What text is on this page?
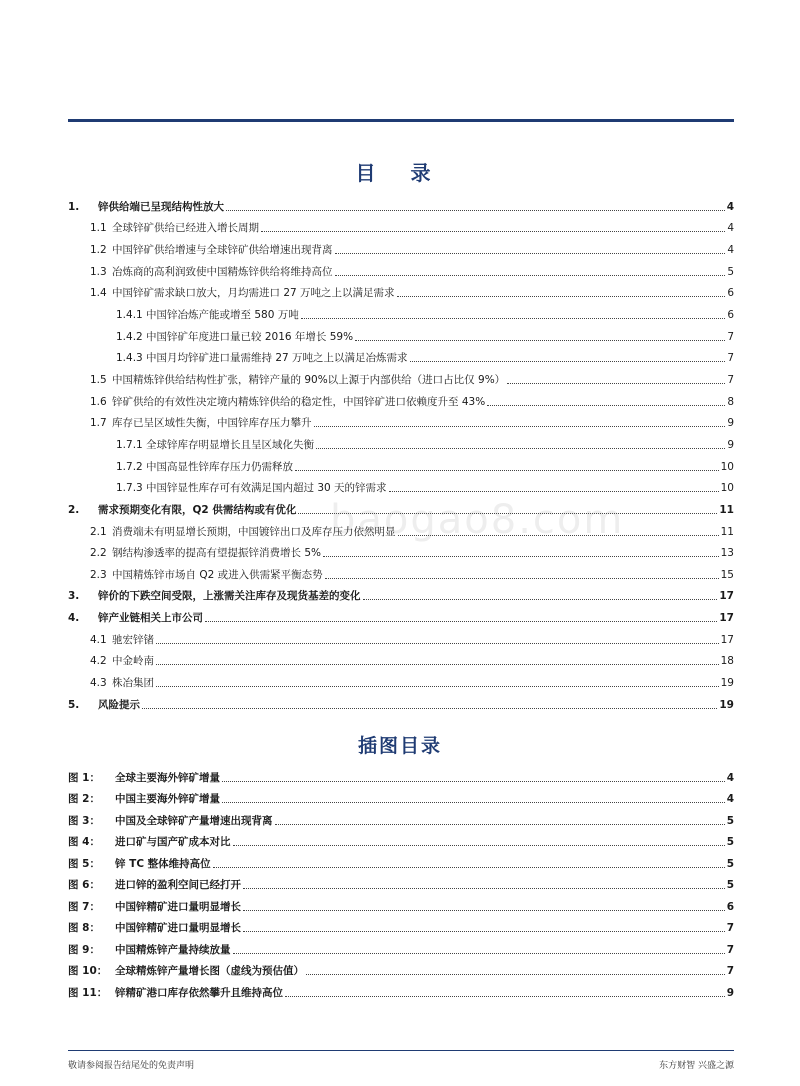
目 录
1. 锌供给端已呈现结构性放大	4
1.1 全球锌矿供给已经进入增长周期	4
1.2 中国锌矿供给增速与全球锌矿供给增速出现背离	4
1.3 冶炼商的高利润致使中国精炼锌供给将维持高位	5
1.4 中国锌矿需求缺口放大，月均需进口 27 万吨之上以满足需求	6
1.4.1 中国锌冶炼产能或增至 580 万吨	6
1.4.2 中国锌矿年度进口量已较 2016 年增长 59%	7
1.4.3 中国月均锌矿进口量需维持 27 万吨之上以满足冶炼需求	7
1.5 中国精炼锌供给结构性扩张，精锌产量的 90%以上源于内部供给（进口占比仅 9%）	7
1.6 锌矿供给的有效性决定境内精炼锌供给的稳定性，中国锌矿进口依赖度升至 43%	8
1.7 库存已呈区域性失衡，中国锌库存压力攀升	9
1.7.1 全球锌库存明显增长且呈区域化失衡	9
1.7.2 中国高显性锌库存压力仍需释放	10
1.7.3 中国锌显性库存可有效满足国内超过 30 天的锌需求	10
2. 需求预期变化有限，Q2 供需结构或有优化	11
2.1 消费端未有明显增长预期，中国镀锌出口及库存压力依然明显	11
2.2 钢结构渗透率的提高有望提振锌消费增长 5%	13
2.3 中国精炼锌市场自 Q2 或进入供需紧平衡态势	15
3. 锌价的下跌空间受限，上涨需关注库存及现货基差的变化	17
4. 锌产业链相关上市公司	17
4.1 驰宏锌锗	17
4.2 中金岭南	18
4.3 株冶集团	19
5. 风险提示	19
插图目录
图 1： 全球主要海外锌矿增量	4
图 2： 中国主要海外锌矿增量	4
图 3： 中国及全球锌矿产量增速出现背离	5
图 4： 进口矿与国产矿成本对比	5
图 5： 锌 TC 整体维持高位	5
图 6： 进口锌的盈利空间已经打开	5
图 7： 中国锌精矿进口量明显增长	6
图 8： 中国锌精矿进口量明显增长	7
图 9： 中国精炼锌产量持续放量	7
图 10： 全球精炼锌产量增长图（虚线为预估值）	7
图 11： 锌精矿港口库存依然攀升且维持高位	9
baogao8.com
敬请参阅报告结尾处的免责声明	东方财智 兴盛之源
